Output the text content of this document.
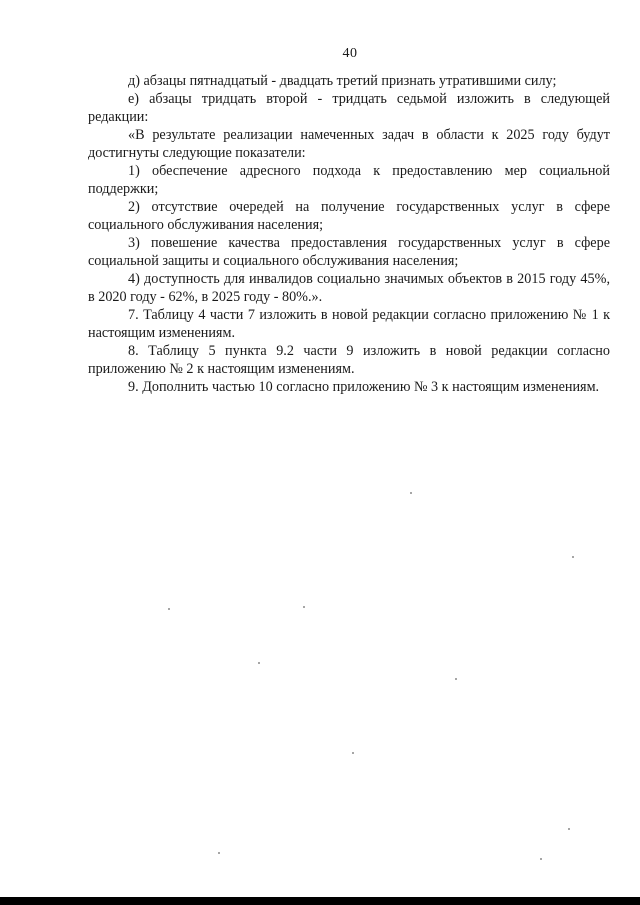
40

д) абзацы пятнадцатый - двадцать третий признать утратившими силу;

е) абзацы тридцать второй - тридцать седьмой изложить в следующей редакции:

«В результате реализации намеченных задач в области к 2025 году будут достигнуты следующие показатели:

1) обеспечение адресного подхода к предоставлению мер социальной поддержки;

2) отсутствие очередей на получение государственных услуг в сфере социального обслуживания населения;

3) повешение качества предоставления государственных услуг в сфере социальной защиты и социального обслуживания населения;

4) доступность для инвалидов социально значимых объектов в 2015 году 45%, в 2020 году - 62%, в 2025 году - 80%.».

7. Таблицу 4 части 7 изложить в новой редакции согласно приложению № 1 к настоящим изменениям.

8. Таблицу 5 пункта 9.2 части 9 изложить в новой редакции согласно приложению № 2 к настоящим изменениям.

9. Дополнить частью 10 согласно приложению № 3 к настоящим изменениям.
